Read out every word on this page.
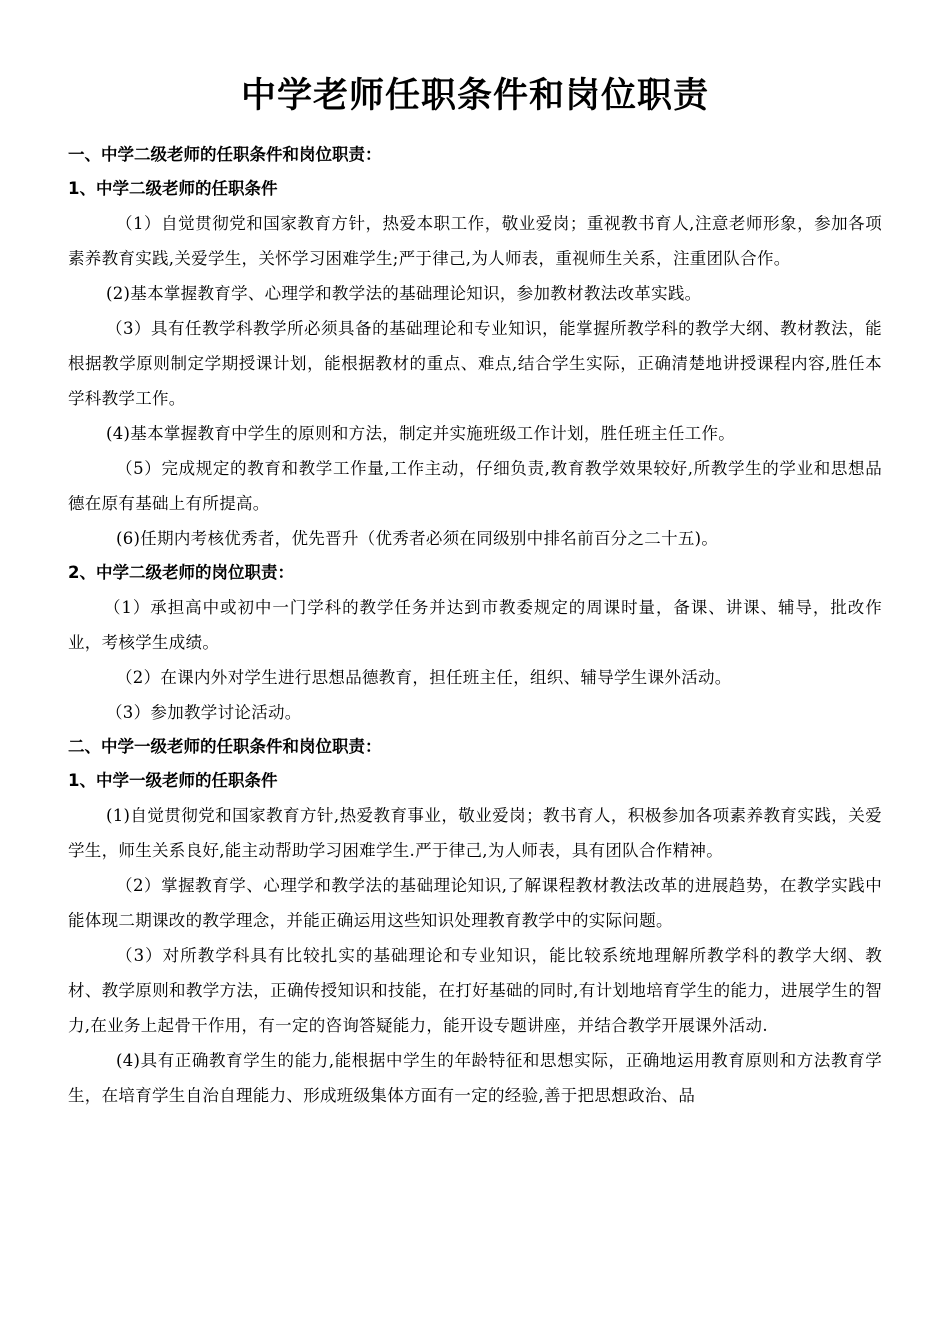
中学老师任职条件和岗位职责

一、中学二级老师的任职条件和岗位职责：

1、中学二级老师的任职条件

（1）自觉贯彻党和国家教育方针，热爱本职工作，敬业爱岗；重视教书育人,注意老师形象，参加各项素养教育实践,关爱学生，关怀学习困难学生;严于律己,为人师表，重视师生关系，注重团队合作。

(2)基本掌握教育学、心理学和教学法的基础理论知识，参加教材教法改革实践。

（3）具有任教学科教学所必须具备的基础理论和专业知识，能掌握所教学科的教学大纲、教材教法，能根据教学原则制定学期授课计划，能根据教材的重点、难点,结合学生实际，正确清楚地讲授课程内容,胜任本学科教学工作。

(4)基本掌握教育中学生的原则和方法，制定并实施班级工作计划，胜任班主任工作。

（5）完成规定的教育和教学工作量,工作主动，仔细负责,教育教学效果较好,所教学生的学业和思想品德在原有基础上有所提高。

(6)任期内考核优秀者，优先晋升（优秀者必须在同级别中排名前百分之二十五)。

2、中学二级老师的岗位职责：

（1）承担高中或初中一门学科的教学任务并达到市教委规定的周课时量，备课、讲课、辅导，批改作业，考核学生成绩。

（2）在课内外对学生进行思想品德教育，担任班主任，组织、辅导学生课外活动。

（3）参加教学讨论活动。

二、中学一级老师的任职条件和岗位职责：

1、中学一级老师的任职条件

(1)自觉贯彻党和国家教育方针,热爱教育事业，敬业爱岗；教书育人，积极参加各项素养教育实践，关爱学生，师生关系良好,能主动帮助学习困难学生.严于律己,为人师表，具有团队合作精神。

（2）掌握教育学、心理学和教学法的基础理论知识,了解课程教材教法改革的进展趋势，在教学实践中能体现二期课改的教学理念，并能正确运用这些知识处理教育教学中的实际问题。

（3）对所教学科具有比较扎实的基础理论和专业知识，能比较系统地理解所教学科的教学大纲、教材、教学原则和教学方法，正确传授知识和技能，在打好基础的同时,有计划地培育学生的能力，进展学生的智力,在业务上起骨干作用，有一定的咨询答疑能力，能开设专题讲座，并结合教学开展课外活动.

(4)具有正确教育学生的能力,能根据中学生的年龄特征和思想实际，正确地运用教育原则和方法教育学生，在培育学生自治自理能力、形成班级集体方面有一定的经验,善于把思想政治、品
